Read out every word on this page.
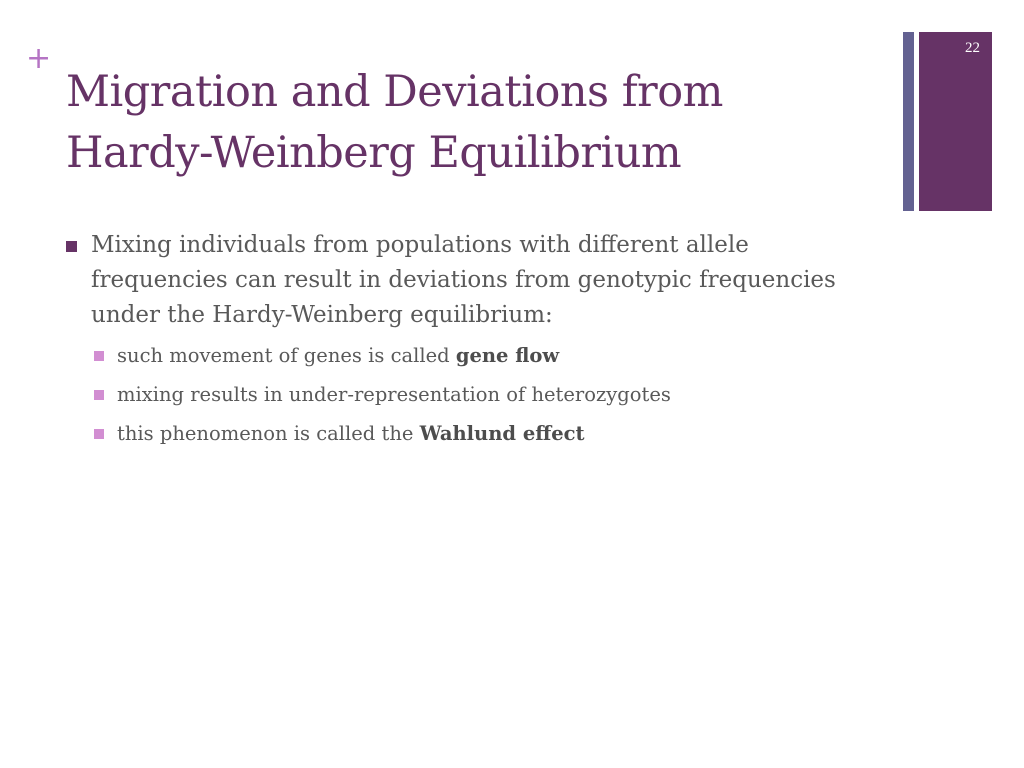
+
Migration and Deviations from
Hardy-Weinberg Equilibrium
22

Mixing individuals from populations with different allele frequencies can result in deviations from genotypic frequencies under the Hardy-Weinberg equilibrium:

such movement of genes is called gene flow

mixing results in under-representation of heterozygotes

this phenomenon is called the Wahlund effect
